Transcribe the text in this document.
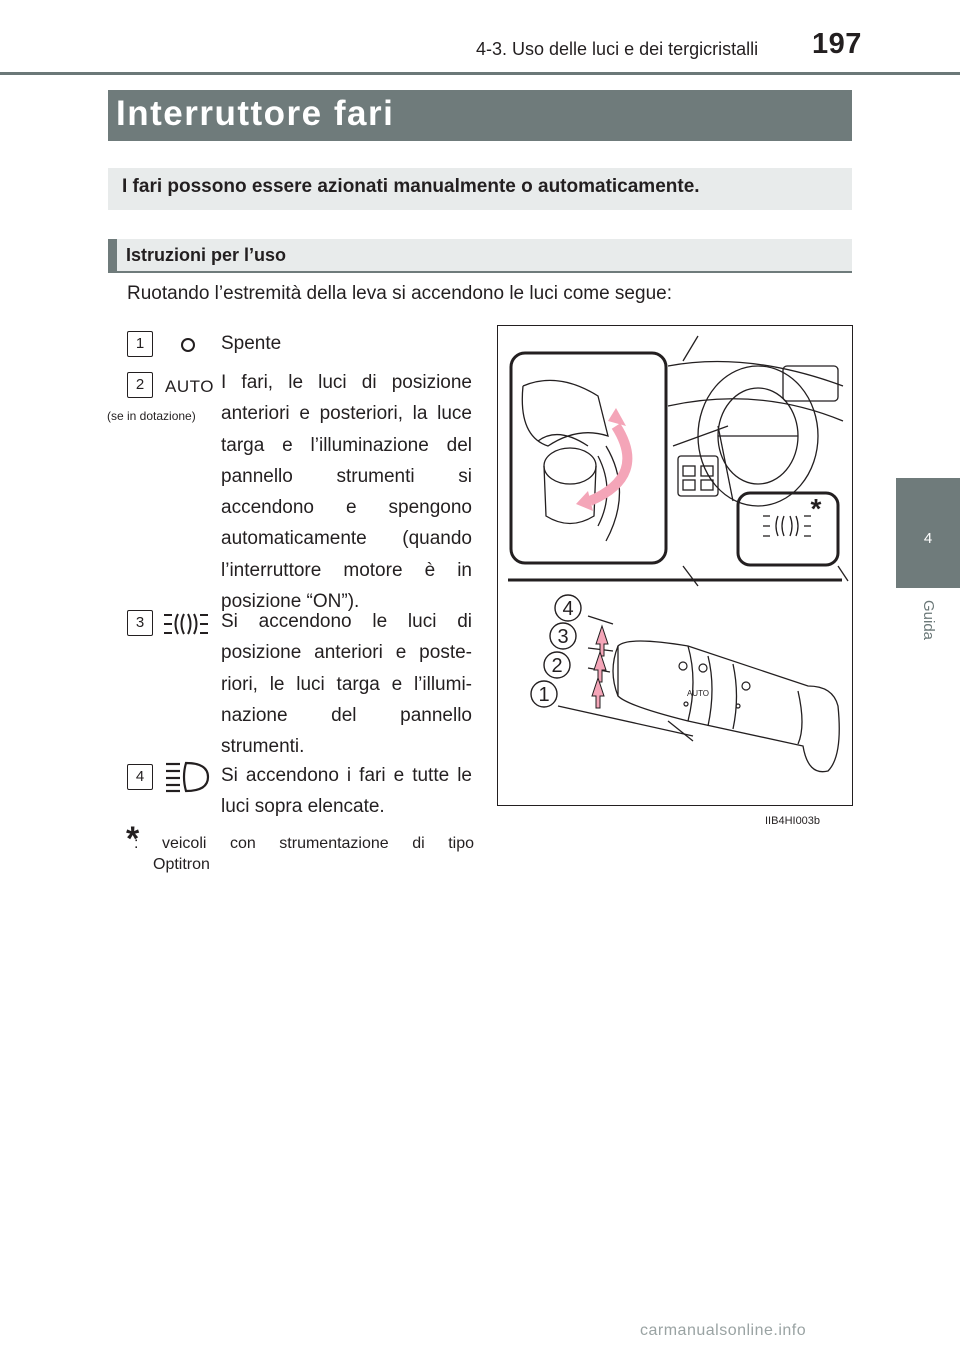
4-3. Uso delle luci e dei tergicristalli 197
Interruttore fari
I fari possono essere azionati manualmente o automaticamente.
Istruzioni per l’uso
Ruotando l’estremità della leva si accendono le luci come segue:
1	Spente
2	AUTO
(se in dotazione)
I fari, le luci di posizione anteriori e posteriori, la luce targa e l’illuminazione del pannello strumenti si accendono e spengono automaticamente (quando l’interruttore motore è in posizione “ON”).
3	Si accendono le luci di posizione anteriori e poste-riori, le luci targa e l’illumi-nazione del pannello strumenti.
4	Si accendono i fari e tutte le luci sopra elencate.
*
: veicoli con strumentazione di tipo
Optitron
4
3
2
1
*
AUTO
IIB4HI003b
4
Guida
carmanualsonline.info
